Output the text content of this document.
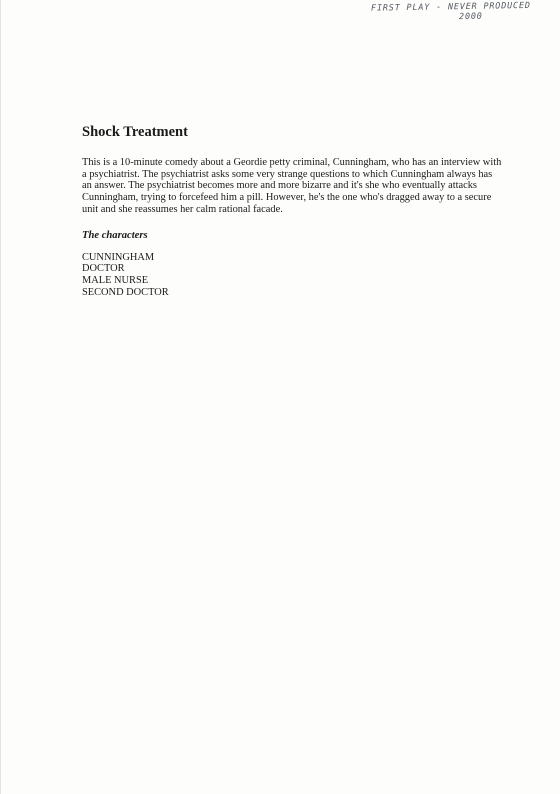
FIRST PLAY - NEVER PRODUCED
2000
Shock Treatment

This is a 10-minute comedy about a Geordie petty criminal, Cunningham, who has an interview with a psychiatrist. The psychiatrist asks some very strange questions to which Cunningham always has an answer. The psychiatrist becomes more and more bizarre and it's she who eventually attacks Cunningham, trying to forcefeed him a pill. However, he's the one who's dragged away to a secure unit and she reassumes her calm rational facade.

The characters
CUNNINGHAM
DOCTOR
MALE NURSE
SECOND DOCTOR
